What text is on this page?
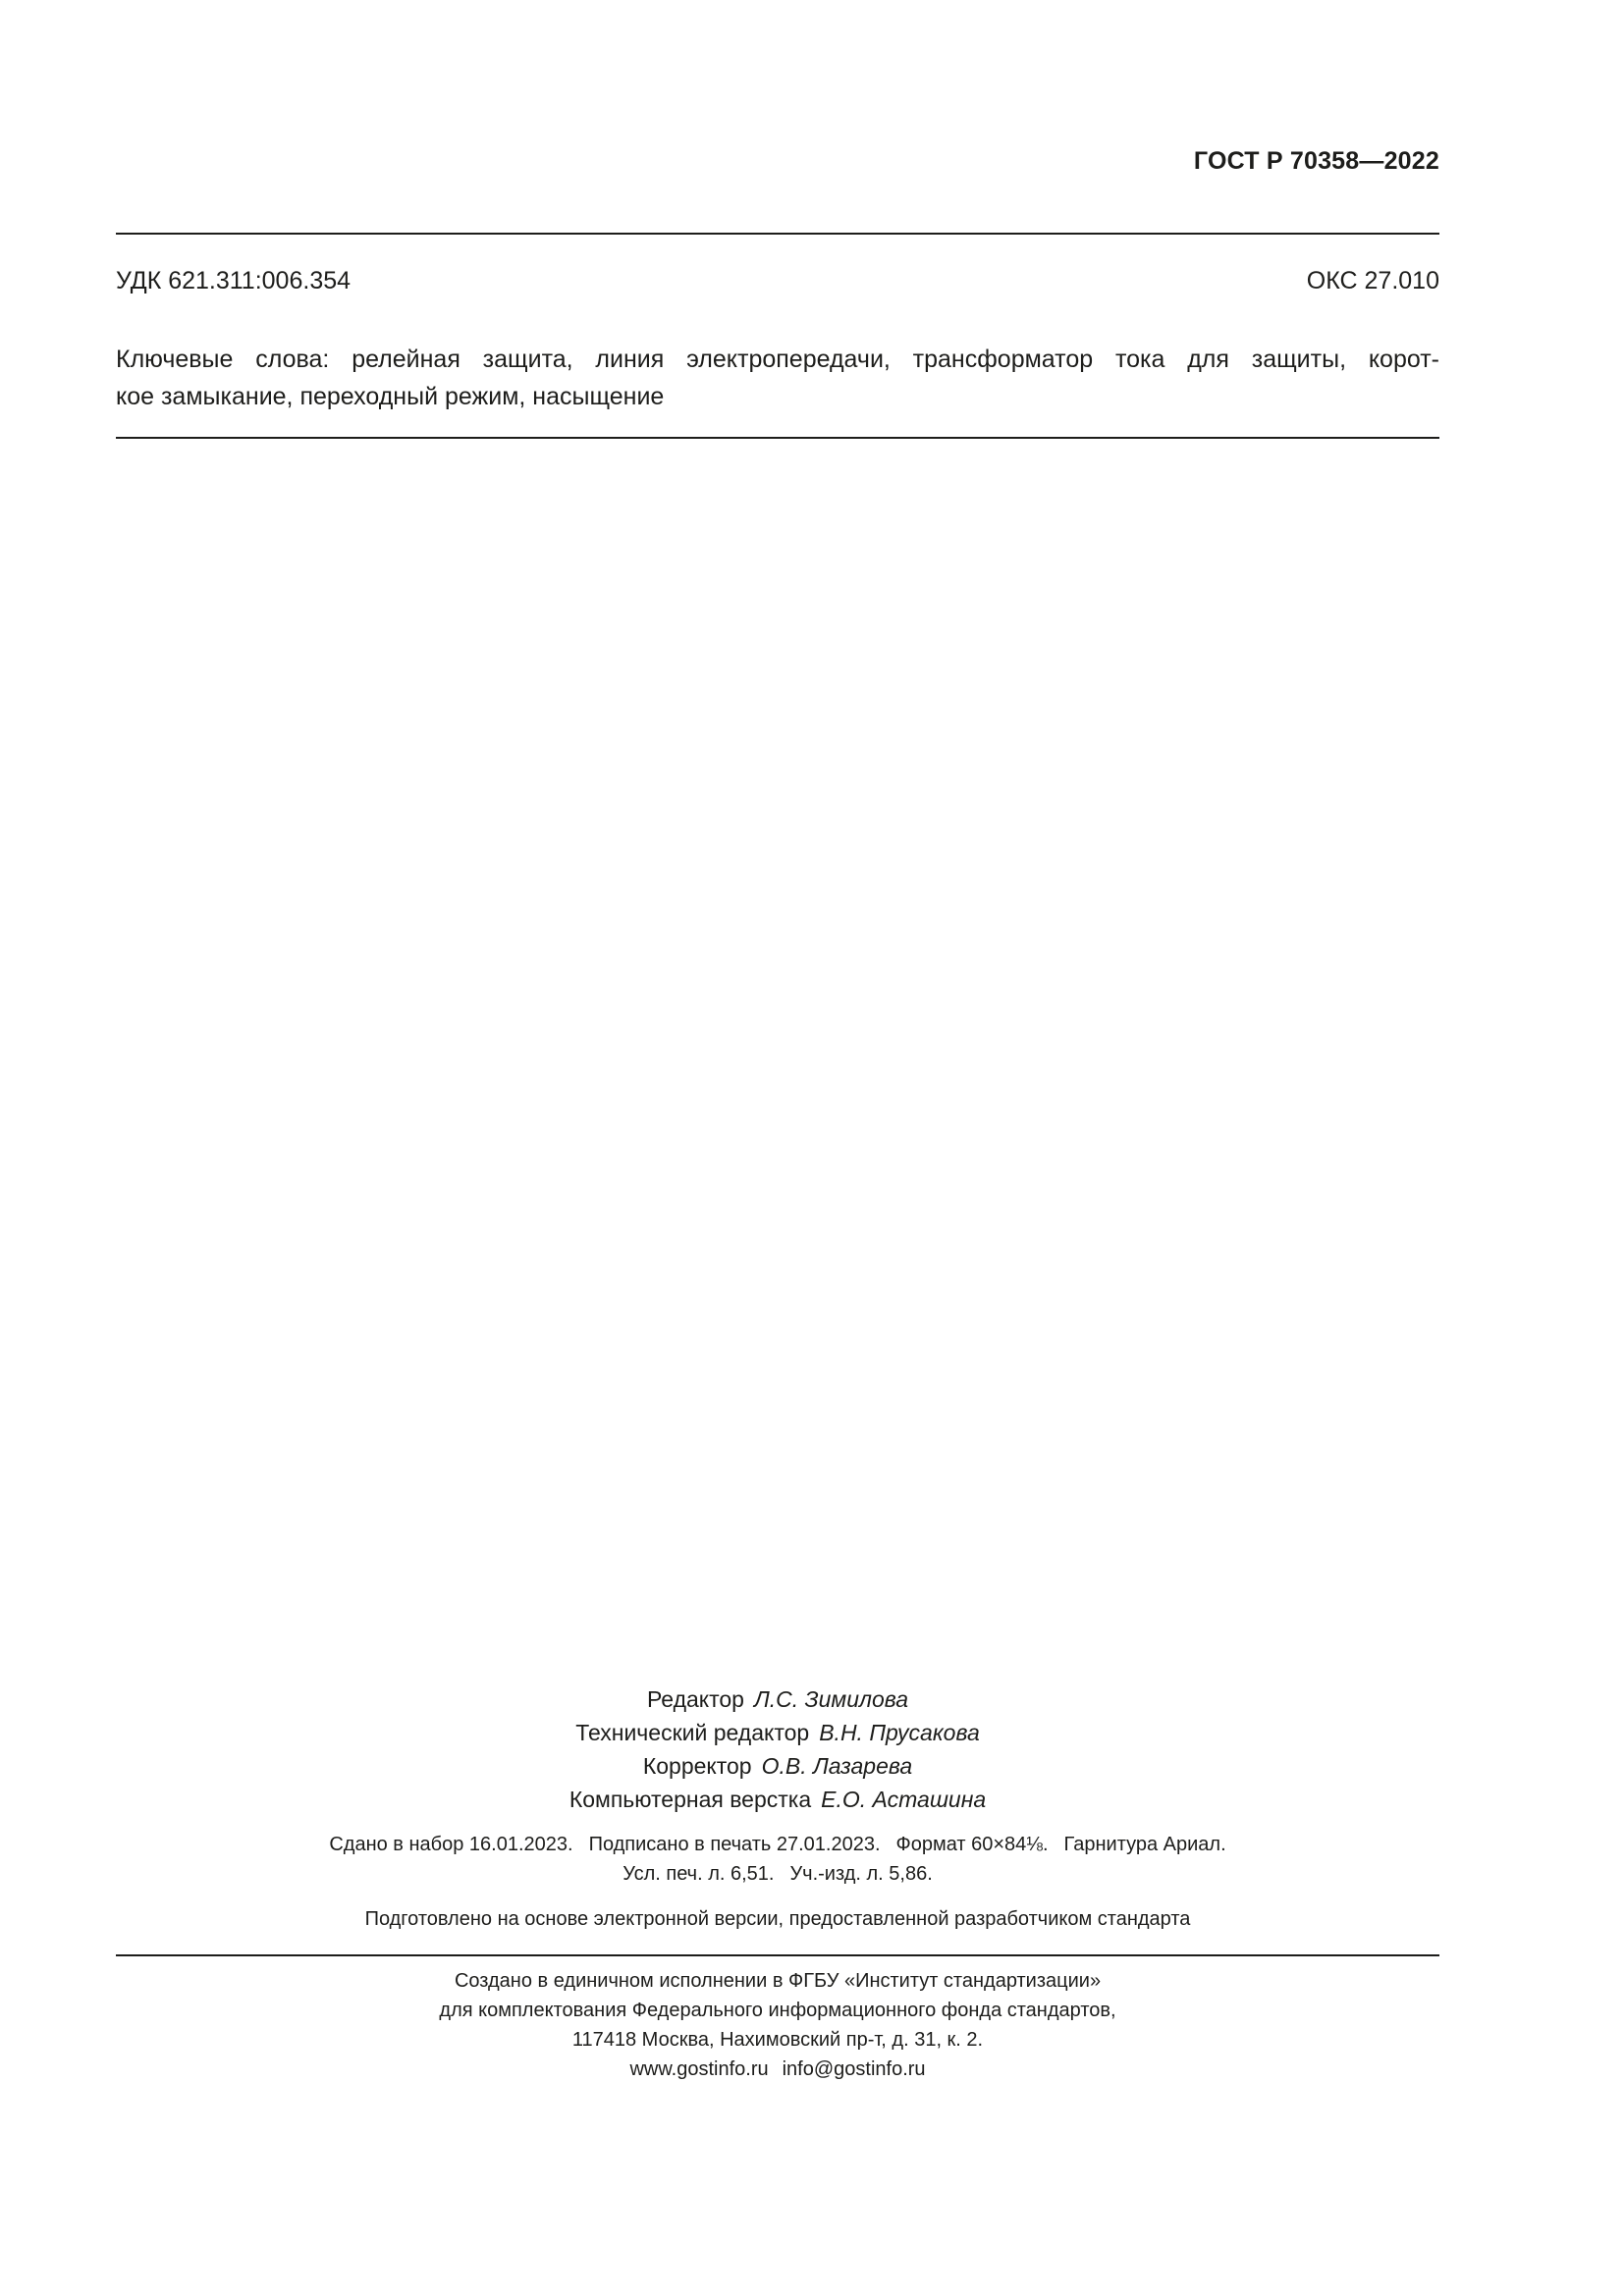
ГОСТ Р 70358—2022
УДК 621.311:006.354	ОКС 27.010
Ключевые слова: релейная защита, линия электропередачи, трансформатор тока для защиты, корот-
кое замыкание, переходный режим, насыщение
Редактор Л.С. Зимилова
Технический редактор В.Н. Прусакова
Корректор О.В. Лазарева
Компьютерная верстка Е.О. Асташина
Сдано в набор 16.01.2023. Подписано в печать 27.01.2023. Формат 60×84⅛. Гарнитура Ариал.
Усл. печ. л. 6,51. Уч.-изд. л. 5,86.
Подготовлено на основе электронной версии, предоставленной разработчиком стандарта
Создано в единичном исполнении в ФГБУ «Институт стандартизации»
для комплектования Федерального информационного фонда стандартов,
117418 Москва, Нахимовский пр-т, д. 31, к. 2.
www.gostinfo.ru info@gostinfo.ru
